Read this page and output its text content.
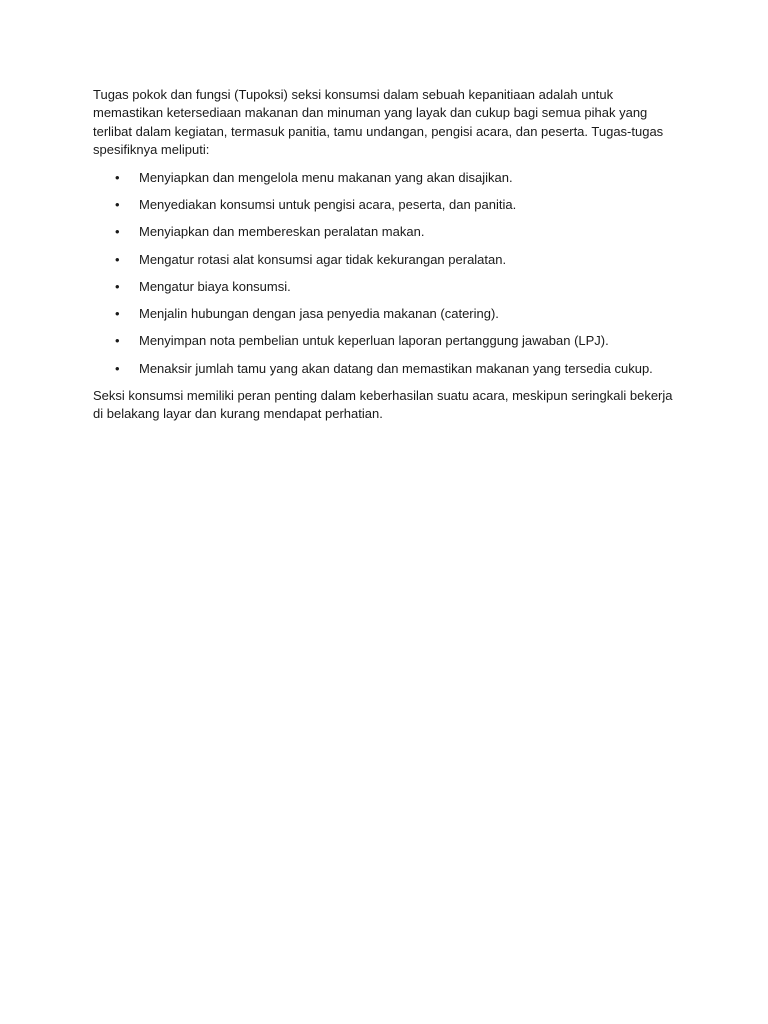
Tugas pokok dan fungsi (Tupoksi) seksi konsumsi dalam sebuah kepanitiaan adalah untuk memastikan ketersediaan makanan dan minuman yang layak dan cukup bagi semua pihak yang terlibat dalam kegiatan, termasuk panitia, tamu undangan, pengisi acara, dan peserta. Tugas-tugas spesifiknya meliputi:

• Menyiapkan dan mengelola menu makanan yang akan disajikan.
• Menyediakan konsumsi untuk pengisi acara, peserta, dan panitia.
• Menyiapkan dan membereskan peralatan makan.
• Mengatur rotasi alat konsumsi agar tidak kekurangan peralatan.
• Mengatur biaya konsumsi.
• Menjalin hubungan dengan jasa penyedia makanan (catering).
• Menyimpan nota pembelian untuk keperluan laporan pertanggung jawaban (LPJ).
• Menaksir jumlah tamu yang akan datang dan memastikan makanan yang tersedia cukup.

Seksi konsumsi memiliki peran penting dalam keberhasilan suatu acara, meskipun seringkali bekerja di belakang layar dan kurang mendapat perhatian.
